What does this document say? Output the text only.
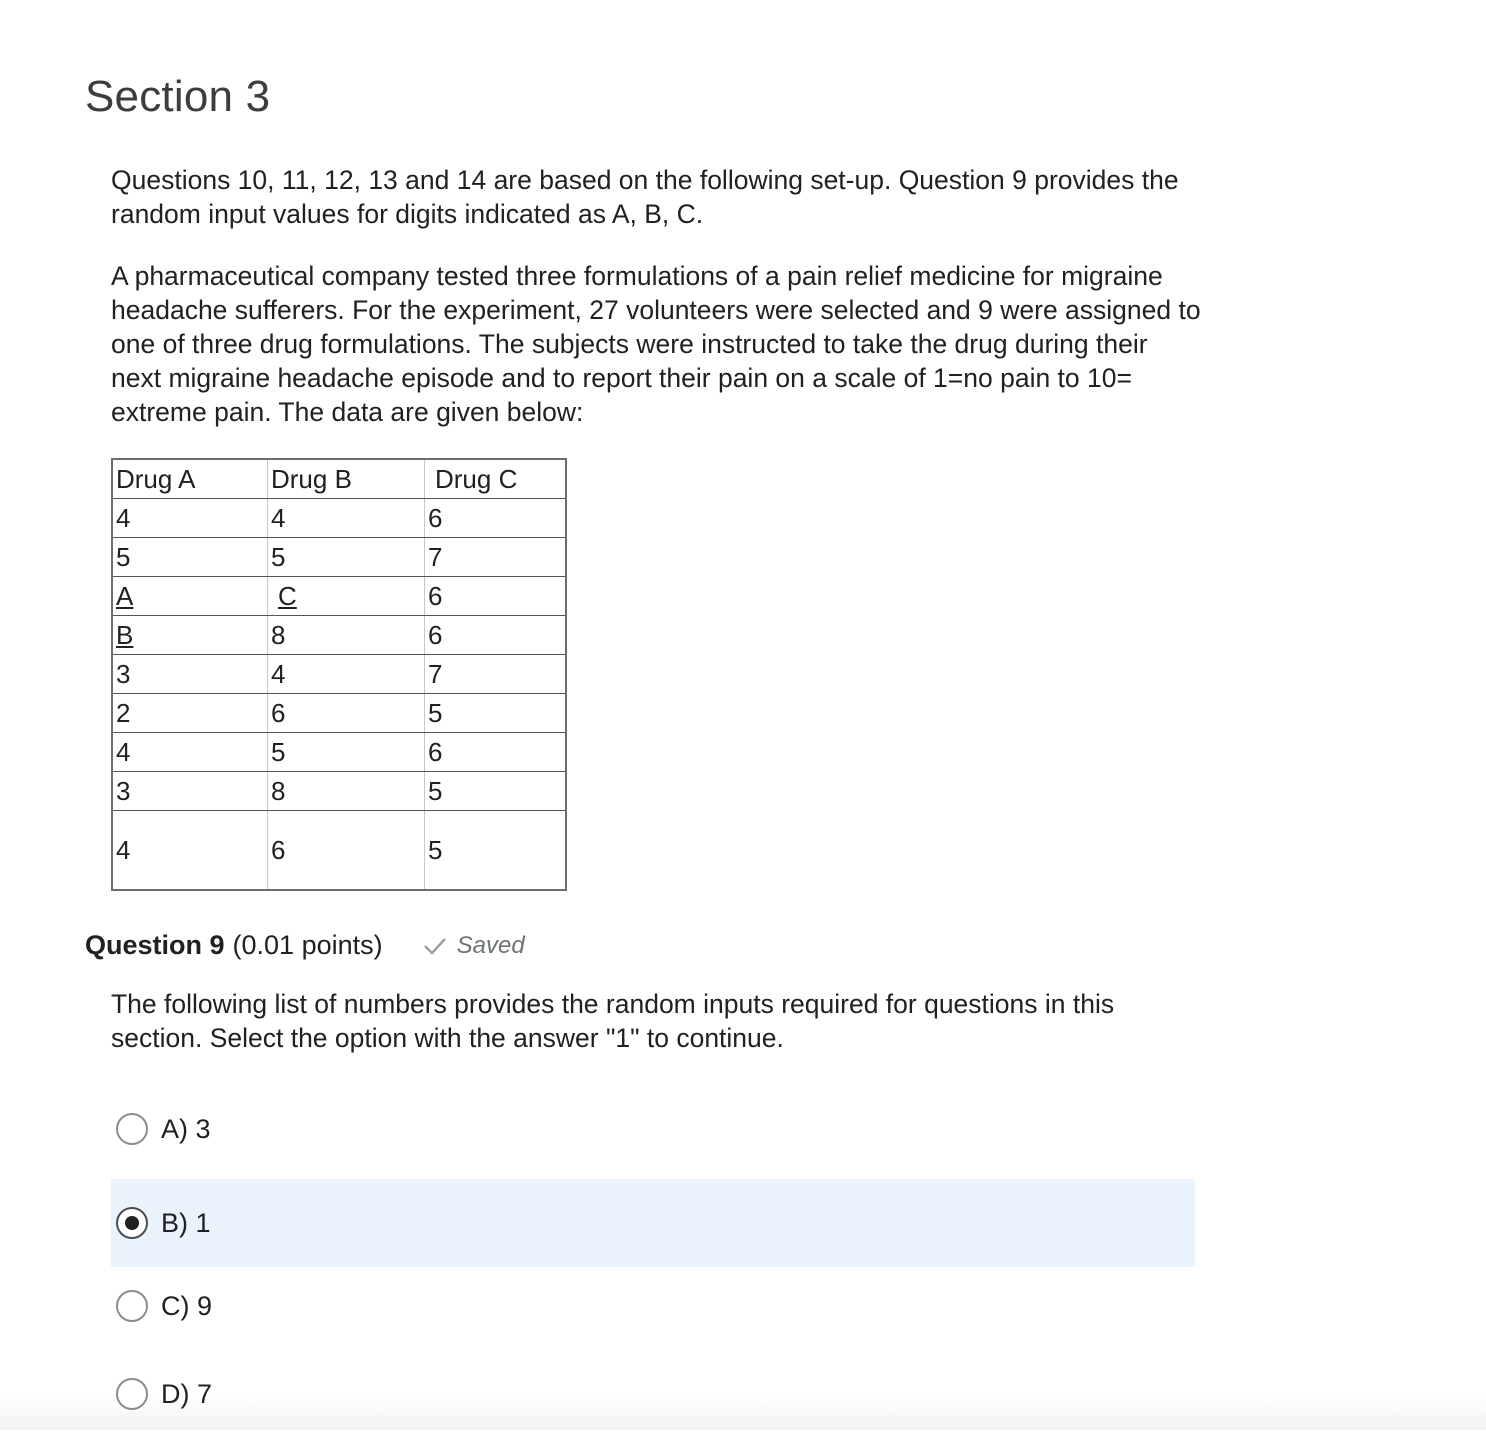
Section 3

Questions 10, 11, 12, 13 and 14 are based on the following set-up. Question 9 provides the random input values for digits indicated as A, B, C.

A pharmaceutical company tested three formulations of a pain relief medicine for migraine headache sufferers. For the experiment, 27 volunteers were selected and 9 were assigned to one of three drug formulations. The subjects were instructed to take the drug during their next migraine headache episode and to report their pain on a scale of 1=no pain to 10= extreme pain. The data are given below:

Drug A	Drug B	Drug C
4	4	6
5	5	7
A	C	6
B	8	6
3	4	7
2	6	5
4	5	6
3	8	5
4	6	5
Question 9 (0.01 points)	Saved

The following list of numbers provides the random inputs required for questions in this section. Select the option with the answer "1" to continue.

A) 3
B) 1
C) 9
D) 7
